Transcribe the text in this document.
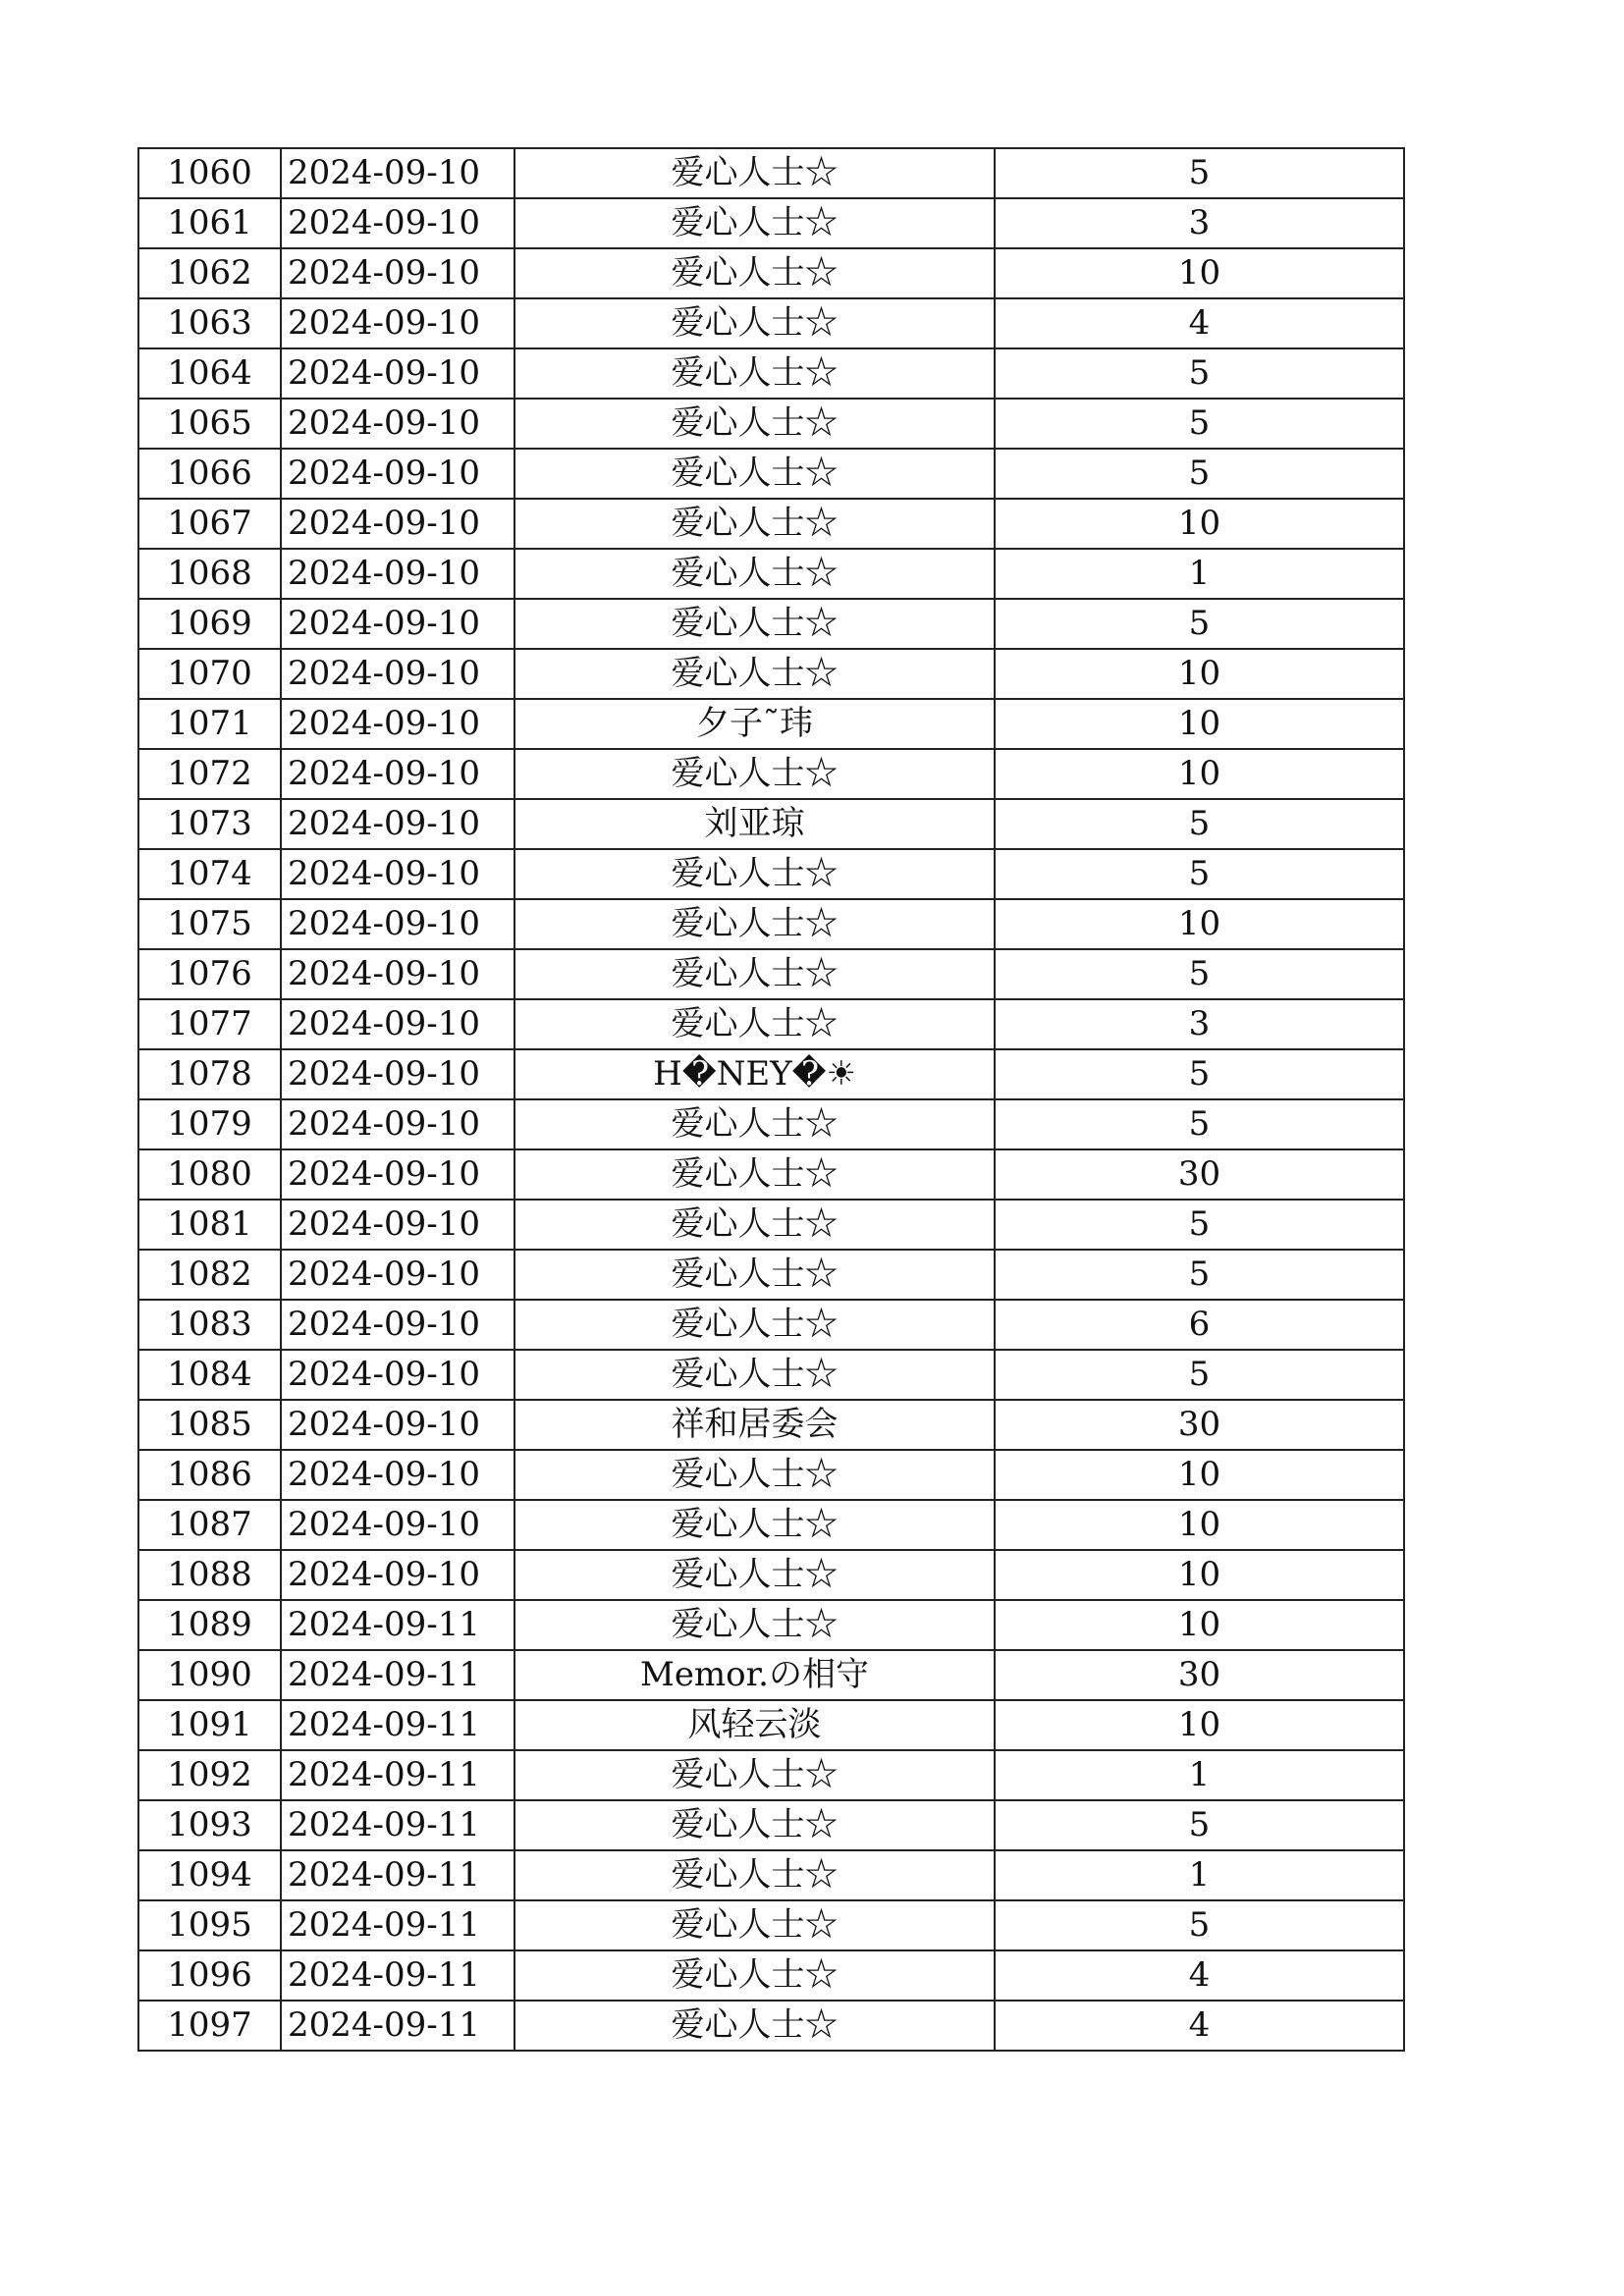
1060	2024-09-10	爱心人士☆	5
1061	2024-09-10	爱心人士☆	3
1062	2024-09-10	爱心人士☆	10
1063	2024-09-10	爱心人士☆	4
1064	2024-09-10	爱心人士☆	5
1065	2024-09-10	爱心人士☆	5
1066	2024-09-10	爱心人士☆	5
1067	2024-09-10	爱心人士☆	10
1068	2024-09-10	爱心人士☆	1
1069	2024-09-10	爱心人士☆	5
1070	2024-09-10	爱心人士☆	10
1071	2024-09-10	夕子˜玮	10
1072	2024-09-10	爱心人士☆	10
1073	2024-09-10	刘亚琼	5
1074	2024-09-10	爱心人士☆	5
1075	2024-09-10	爱心人士☆	10
1076	2024-09-10	爱心人士☆	5
1077	2024-09-10	爱心人士☆	3
1078	2024-09-10	H�NEY�☀	5
1079	2024-09-10	爱心人士☆	5
1080	2024-09-10	爱心人士☆	30
1081	2024-09-10	爱心人士☆	5
1082	2024-09-10	爱心人士☆	5
1083	2024-09-10	爱心人士☆	6
1084	2024-09-10	爱心人士☆	5
1085	2024-09-10	祥和居委会	30
1086	2024-09-10	爱心人士☆	10
1087	2024-09-10	爱心人士☆	10
1088	2024-09-10	爱心人士☆	10
1089	2024-09-11	爱心人士☆	10
1090	2024-09-11	Memor.の相守	30
1091	2024-09-11	风轻云淡	10
1092	2024-09-11	爱心人士☆	1
1093	2024-09-11	爱心人士☆	5
1094	2024-09-11	爱心人士☆	1
1095	2024-09-11	爱心人士☆	5
1096	2024-09-11	爱心人士☆	4
1097	2024-09-11	爱心人士☆	4
